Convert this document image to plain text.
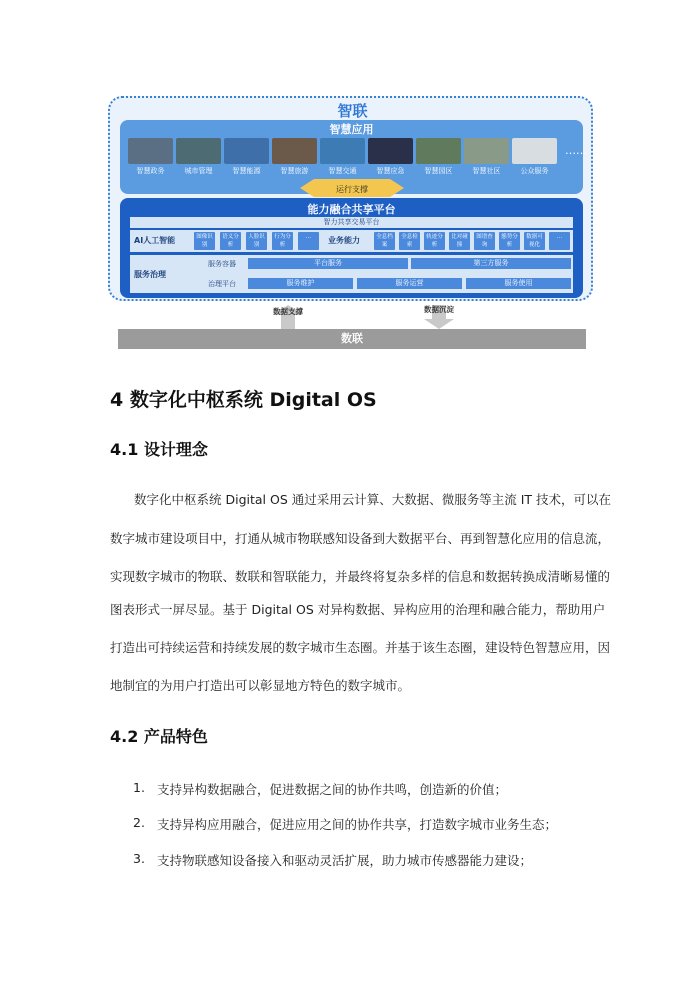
智联
智慧应用
智慧政务	城市管理	智慧能源	智慧旅游	智慧交通	智慧应急	智慧园区	智慧社区	公众服务
……
运行支撑
能力融合共享平台
智力共享交易平台
AI人工智能	图像识别
语义分析
人脸识别
行为分析
…	业务能力	全息档案
全息检索
轨迹分析
比对碰撞
图谱查询
態势分析
数据可视化
…
服务治理
服务容器	平台服务	第三方服务
治理平台	服务维护	服务运营	服务使用
数据支撑	数据沉淀
数联
4 数字化中枢系统 Digital OS
4.1 设计理念
数字化中枢系统 Digital OS 通过采用云计算、大数据、微服务等主流 IT 技术，可以在
数字城市建设项目中，打通从城市物联感知设备到大数据平台、再到智慧化应用的信息流，
实现数字城市的物联、数联和智联能力，并最终将复杂多样的信息和数据转换成清晰易懂的
图表形式一屏尽显。基于 Digital OS 对异构数据、异构应用的治理和融合能力，帮助用户
打造出可持续运营和持续发展的数字城市生态圈。并基于该生态圈，建设特色智慧应用，因
地制宜的为用户打造出可以彰显地方特色的数字城市。
4.2 产品特色
1. 支持异构数据融合，促进数据之间的协作共鸣，创造新的价值；
2. 支持异构应用融合，促进应用之间的协作共享，打造数字城市业务生态；
3. 支持物联感知设备接入和驱动灵活扩展，助力城市传感器能力建设；
